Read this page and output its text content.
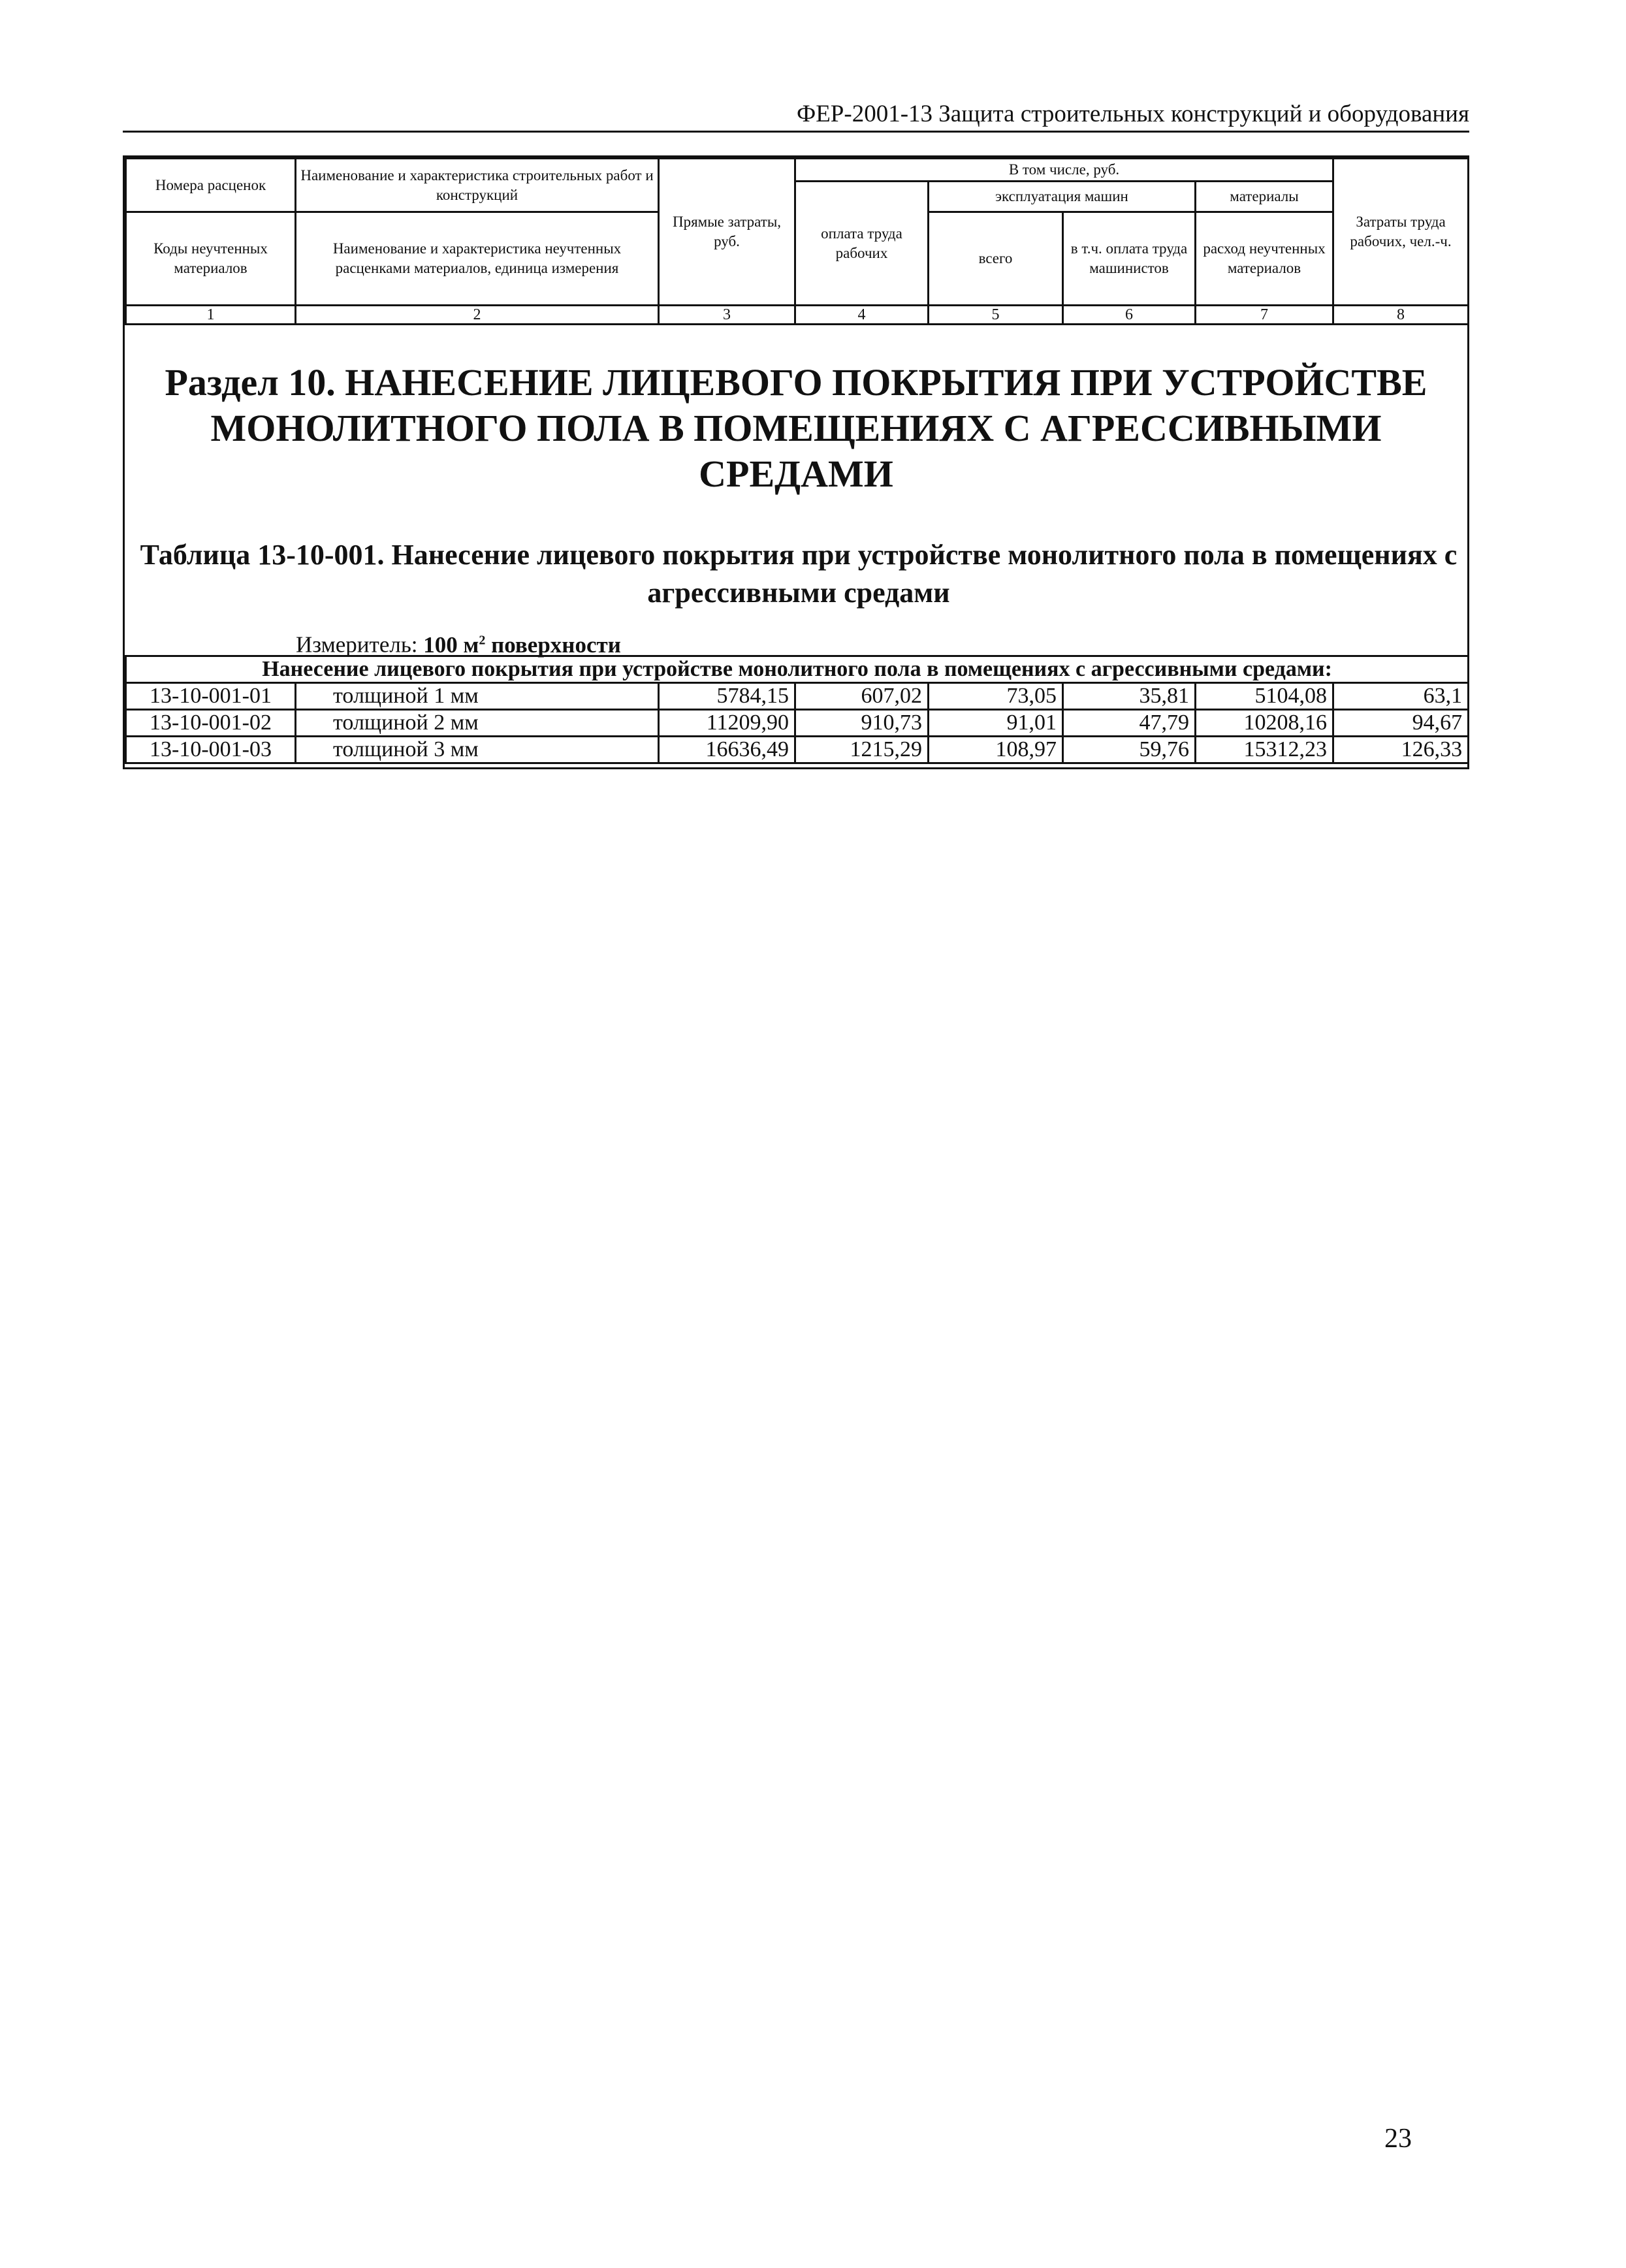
ФЕР-2001-13 Защита строительных конструкций и оборудования
Номера расценок	Наименование и характеристика строительных работ и конструкций	Прямые затраты, руб.	В том числе, руб.				Затраты труда рабочих, чел.-ч.
			оплата труда рабочих	эксплуатация машин		материалы	
Коды неучтенных материалов	Наименование и характеристика неучтенных расценками материалов, единица измерения			всего	в т.ч. оплата труда машинистов	расход неучтенных материалов	
1	2	3	4	5	6	7	8
Раздел 10. НАНЕСЕНИЕ ЛИЦЕВОГО ПОКРЫТИЯ ПРИ УСТРОЙСТВЕ МОНОЛИТНОГО ПОЛА В ПОМЕЩЕНИЯХ С АГРЕССИВНЫМИ СРЕДАМИ
Таблица 13-10-001. Нанесение лицевого покрытия при устройстве монолитного пола в помещениях с агрессивными средами
Измеритель: 100 $м^2$ поверхности
Нанесение лицевого покрытия при устройстве монолитного пола в помещениях с агрессивными средами:							
13-10-001-01	толщиной 1 мм	5784,15	607,02	73,05	35,81	5104,08	63,1
13-10-001-02	толщиной 2 мм	11209,90	910,73	91,01	47,79	10208,16	94,67
13-10-001-03	толщиной 3 мм	16636,49	1215,29	108,97	59,76	15312,23	126,33
23
